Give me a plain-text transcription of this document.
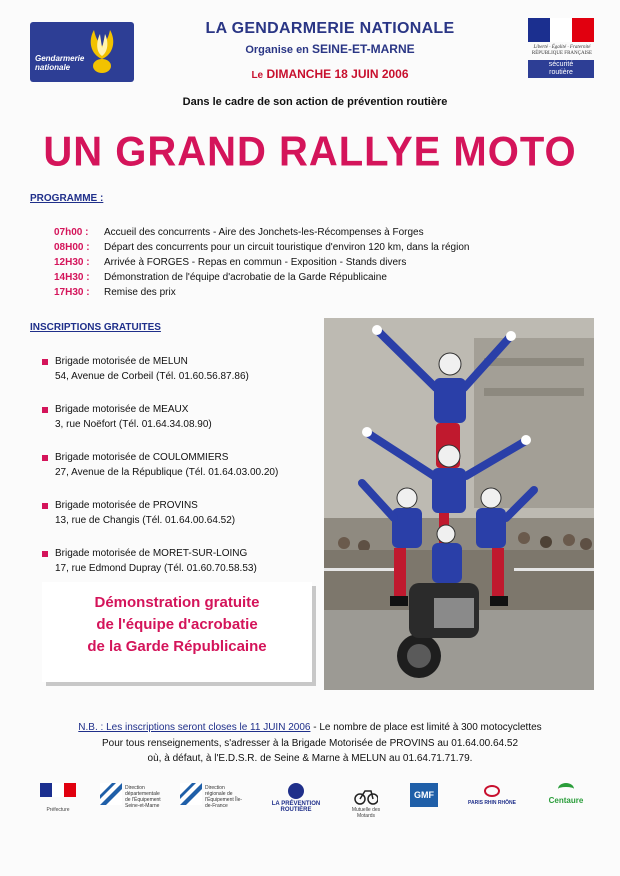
Gendarmerie nationale
LA GENDARMERIE NATIONALE
Organise en SEINE-ET-MARNE
Le DIMANCHE 18 JUIN 2006
Liberté · Égalité · Fraternité
RÉPUBLIQUE FRANÇAISE
sécurité
routière
Dans le cadre de son action de prévention routière
UN GRAND RALLYE MOTO
PROGRAMME :
07h00 :	Accueil des concurrents - Aire des Jonchets-les-Récompenses à Forges
08H00 :	Départ des concurrents pour un circuit touristique d'environ 120 km, dans la région
12H30 :	Arrivée à FORGES - Repas en commun - Exposition - Stands divers
14H30 :	Démonstration de l'équipe d'acrobatie de la Garde Républicaine
17H30 :	Remise des prix
INSCRIPTIONS GRATUITES
Brigade motorisée de MELUN
54, Avenue de Corbeil (Tél. 01.60.56.87.86)
Brigade motorisée de MEAUX
3, rue Noëfort (Tél. 01.64.34.08.90)
Brigade motorisée de COULOMMIERS
27, Avenue de la République (Tél. 01.64.03.00.20)
Brigade motorisée de PROVINS
13, rue de Changis (Tél. 01.64.00.64.52)
Brigade motorisée de MORET-SUR-LOING
17, rue Edmond Dupray (Tél. 01.60.70.58.53)
Démonstration gratuite
de l'équipe d'acrobatie
de la Garde Républicaine
N.B. : Les inscriptions seront closes le 11 JUIN 2006 - Le nombre de place est limité à 300 motocyclettes
Pour tous renseignements, s'adresser à la Brigade Motorisée de PROVINS au 01.64.00.64.52
où, à défaut, à l'E.D.S.R. de Seine & Marne à MELUN au 01.64.71.71.79.
Préfecture
Direction départementale de l'Équipement Seine-et-Marne
Direction régionale de l'Équipement Île-de-France	LA PRÉVENTION ROUTIÈRE	Mutuelle des Motards
GMF
PARIS RHIN RHÔNE	Centaure
